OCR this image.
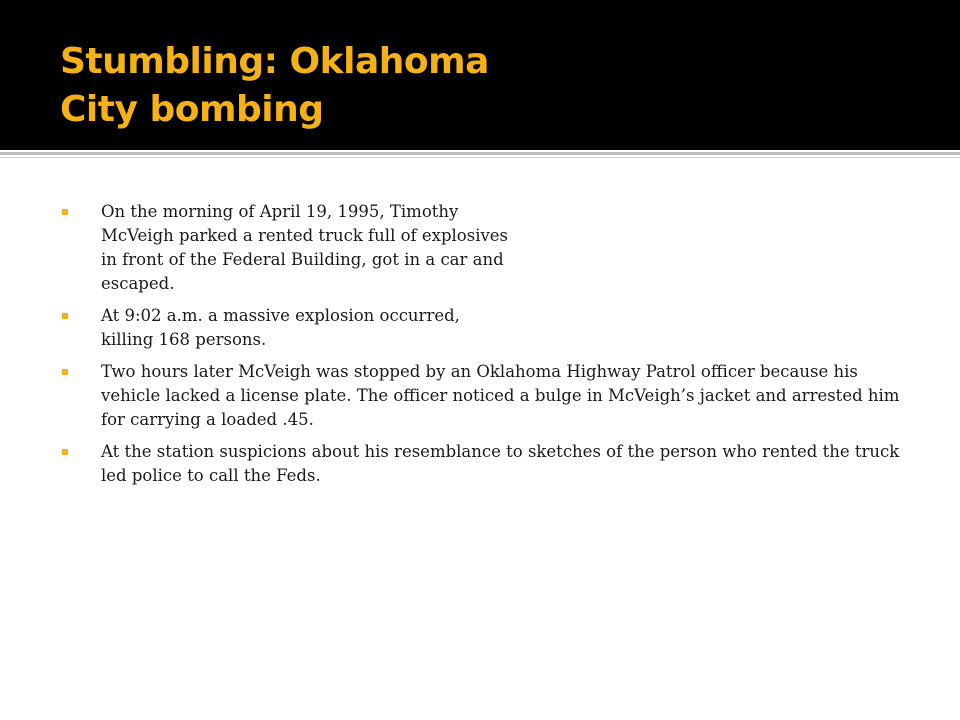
Stumbling: Oklahoma
City bombing
On the morning of April 19, 1995, Timothy McVeigh parked a rented truck full of explosives in front of the Federal Building, got in a car and escaped.
At 9:02 a.m. a massive explosion occurred, killing 168 persons.
Two hours later McVeigh was stopped by an Oklahoma Highway Patrol officer because his vehicle lacked a license plate. The officer noticed a bulge in McVeigh’s jacket and arrested him for carrying a loaded .45.
At the station suspicions about his resemblance to sketches of the person who rented the truck led police to call the Feds.
